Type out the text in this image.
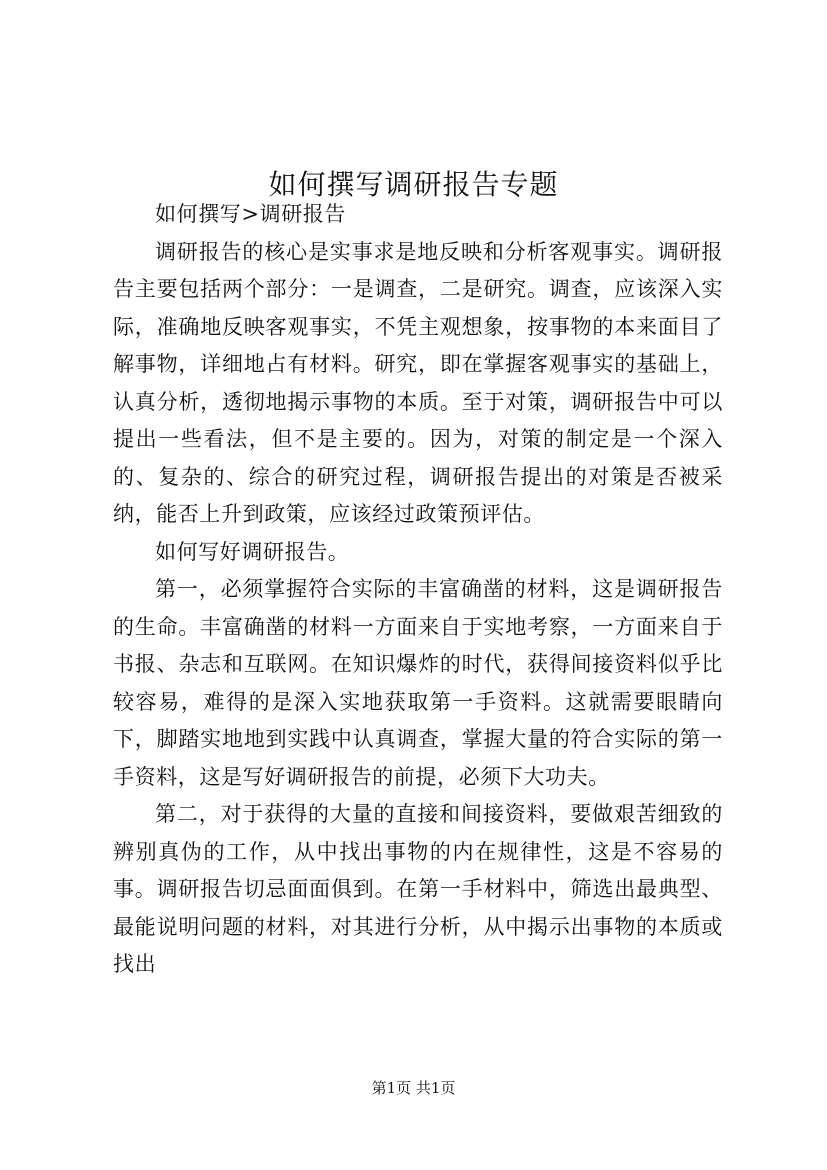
如何撰写调研报告专题

如何撰写>调研报告

调研报告的核心是实事求是地反映和分析客观事实。调研报告主要包括两个部分：一是调查，二是研究。调查，应该深入实际，准确地反映客观事实，不凭主观想象，按事物的本来面目了解事物，详细地占有材料。研究，即在掌握客观事实的基础上，认真分析，透彻地揭示事物的本质。至于对策，调研报告中可以提出一些看法，但不是主要的。因为，对策的制定是一个深入的、复杂的、综合的研究过程，调研报告提出的对策是否被采纳，能否上升到政策，应该经过政策预评估。

如何写好调研报告。

第一，必须掌握符合实际的丰富确凿的材料，这是调研报告的生命。丰富确凿的材料一方面来自于实地考察，一方面来自于书报、杂志和互联网。在知识爆炸的时代，获得间接资料似乎比较容易，难得的是深入实地获取第一手资料。这就需要眼睛向下，脚踏实地地到实践中认真调查，掌握大量的符合实际的第一手资料，这是写好调研报告的前提，必须下大功夫。

第二，对于获得的大量的直接和间接资料，要做艰苦细致的辨别真伪的工作，从中找出事物的内在规律性，这是不容易的事。调研报告切忌面面俱到。在第一手材料中，筛选出最典型、最能说明问题的材料，对其进行分析，从中揭示出事物的本质或找出

第1页 共1页
